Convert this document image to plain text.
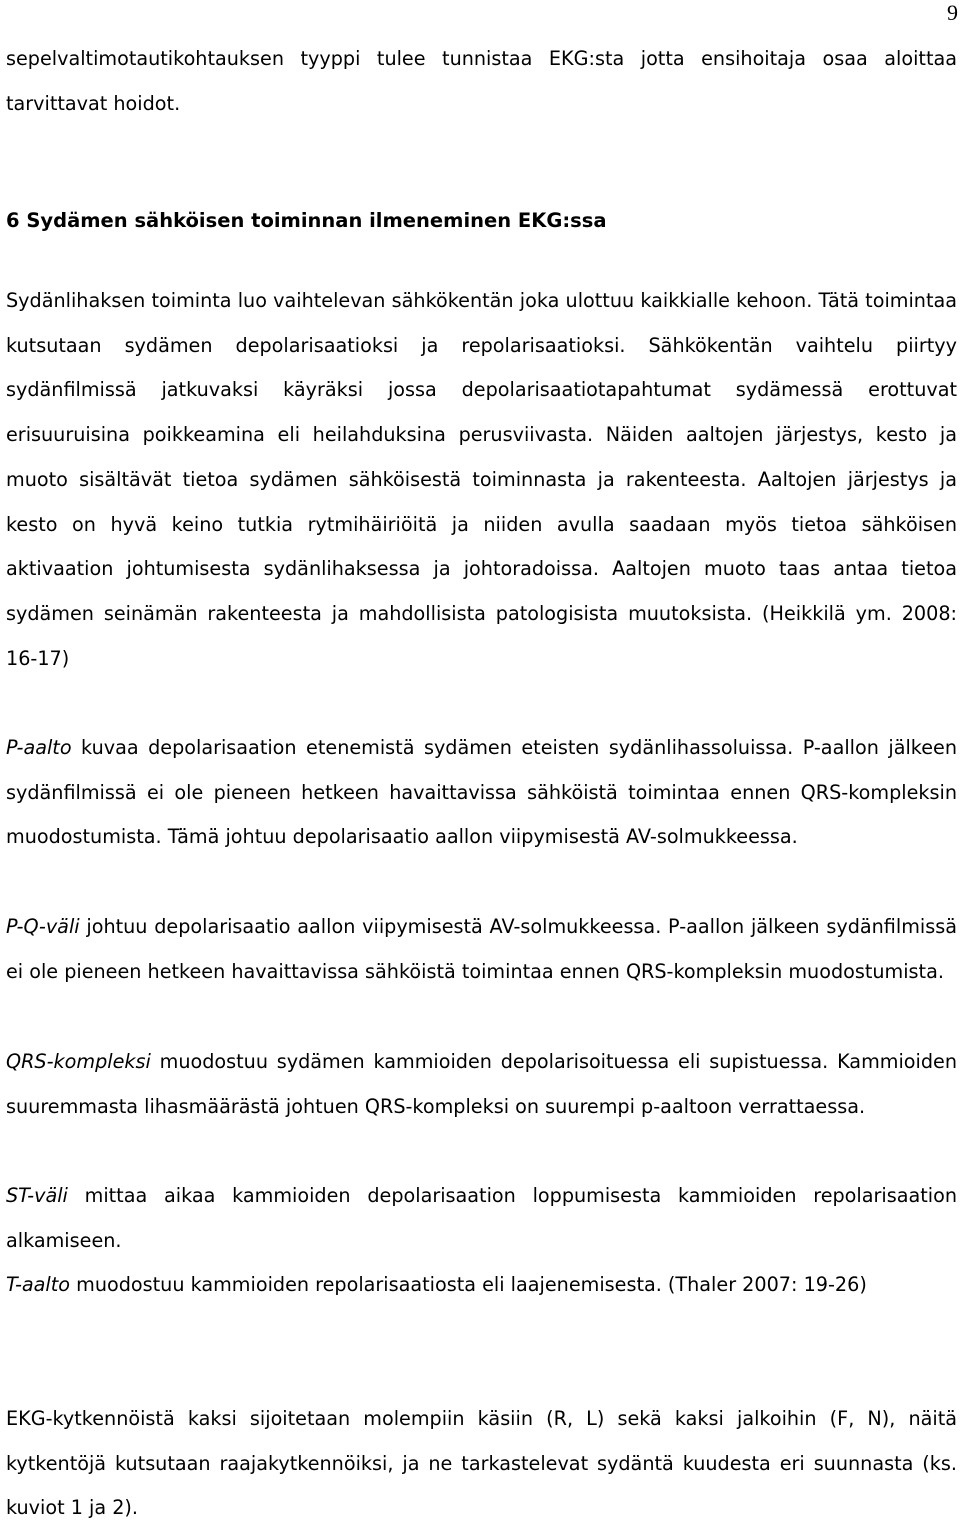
9

sepelvaltimotautikohtauksen tyyppi tulee tunnistaa EKG:sta jotta ensihoitaja osaa aloittaa tarvittavat hoidot.

6 Sydämen sähköisen toiminnan ilmeneminen EKG:ssa

Sydänlihaksen toiminta luo vaihtelevan sähkökentän joka ulottuu kaikkialle kehoon. Tätä toimintaa kutsutaan sydämen depolarisaatioksi ja repolarisaatioksi. Sähkökentän vaihtelu piirtyy sydänfilmissä jatkuvaksi käyräksi jossa depolarisaatiotapahtumat sydämessä erottuvat erisuuruisina poikkeamina eli heilahduksina perusviivasta. Näiden aaltojen järjestys, kesto ja muoto sisältävät tietoa sydämen sähköisestä toiminnasta ja rakenteesta. Aaltojen järjestys ja kesto on hyvä keino tutkia rytmihäiriöitä ja niiden avulla saadaan myös tietoa sähköisen aktivaation johtumisesta sydänlihaksessa ja johtoradoissa. Aaltojen muoto taas antaa tietoa sydämen seinämän rakenteesta ja mahdollisista patologisista muutoksista. (Heikkilä ym. 2008: 16-17)

P-aalto kuvaa depolarisaation etenemistä sydämen eteisten sydänlihassoluissa. P-aallon jälkeen sydänfilmissä ei ole pieneen hetkeen havaittavissa sähköistä toimintaa ennen QRS-kompleksin muodostumista. Tämä johtuu depolarisaatio aallon viipymisestä AV-solmukkeessa.

P-Q-väli johtuu depolarisaatio aallon viipymisestä AV-solmukkeessa. P-aallon jälkeen sydänfilmissä ei ole pieneen hetkeen havaittavissa sähköistä toimintaa ennen QRS-kompleksin muodostumista.

QRS-kompleksi muodostuu sydämen kammioiden depolarisoituessa eli supistuessa. Kammioiden suuremmasta lihasmäärästä johtuen QRS-kompleksi on suurempi p-aaltoon verrattaessa.

ST-väli mittaa aikaa kammioiden depolarisaation loppumisesta kammioiden repolarisaation alkamiseen.

T-aalto muodostuu kammioiden repolarisaatiosta eli laajenemisesta. (Thaler 2007: 19-26)

EKG-kytkennöistä kaksi sijoitetaan molempiin käsiin (R, L) sekä kaksi jalkoihin (F, N), näitä kytkentöjä kutsutaan raajakytkennöiksi, ja ne tarkastelevat sydäntä kuudesta eri suunnasta (ks. kuviot 1 ja 2).
